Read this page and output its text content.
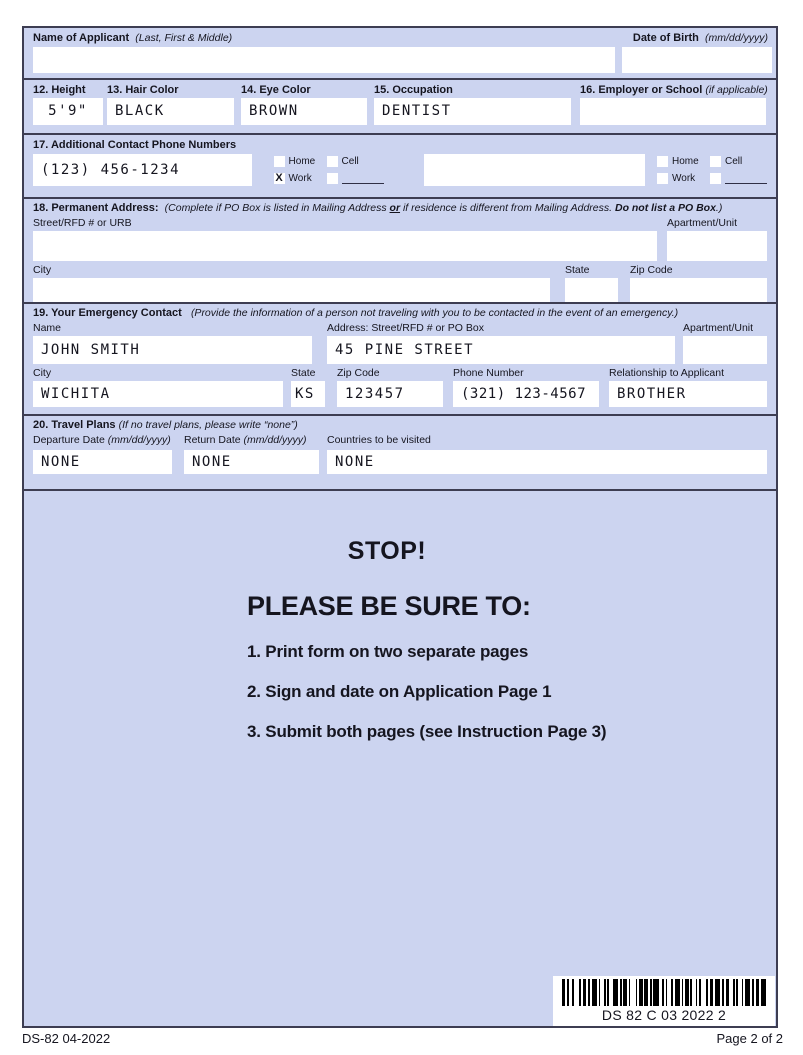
Name of Applicant (Last, First & Middle)	Date of Birth (mm/dd/yyyy)
12. Height
5'9"
13. Hair Color
BLACK
14. Eye Color
BROWN
15. Occupation
DENTIST
16. Employer or School (if applicable)
17. Additional Contact Phone Numbers
(123) 456-1234
Home	Cell
X Work
Home	Cell
Work
18. Permanent Address: (Complete if PO Box is listed in Mailing Address or if residence is different from Mailing Address. Do not list a PO Box.)
Street/RFD # or URB	Apartment/Unit
City	State	Zip Code
19. Your Emergency Contact (Provide the information of a person not traveling with you to be contacted in the event of an emergency.)
Name
JOHN SMITH
Address: Street/RFD # or PO Box
45 PINE STREET
Apartment/Unit
City
WICHITA
State
KS
Zip Code
123457
Phone Number
(321) 123-4567
Relationship to Applicant
BROTHER
20. Travel Plans (If no travel plans, please write “none”)
Departure Date (mm/dd/yyyy)
NONE
Return Date (mm/dd/yyyy)
NONE
Countries to be visited
NONE
STOP!
PLEASE BE SURE TO:
1. Print form on two separate pages
2. Sign and date on Application Page 1
3. Submit both pages (see Instruction Page 3)
DS 82 C 03 2022 2
DS-82 04-2022	Page 2 of 2
